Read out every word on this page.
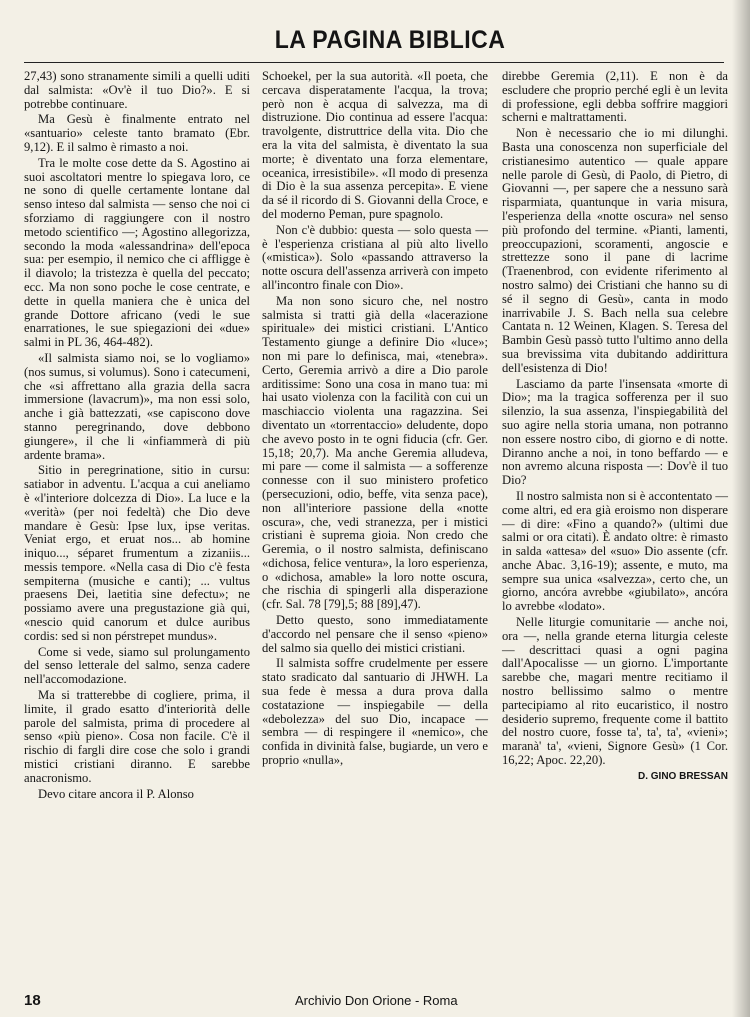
LA PAGINA BIBLICA

27,43) sono stranamente simili a quelli uditi dal salmista: «Ov'è il tuo Dio?». E si potrebbe continuare.

Ma Gesù è finalmente entrato nel «santuario» celeste tanto bramato (Ebr. 9,12). E il salmo è rimasto a noi.

Tra le molte cose dette da S. Agostino ai suoi ascoltatori mentre lo spiegava loro, ce ne sono di quelle certamente lontane dal senso inteso dal salmista — senso che noi ci sforziamo di raggiungere con il nostro metodo scientifico —; Agostino allegorizza, secondo la moda «alessandrina» dell'epoca sua: per esempio, il nemico che ci affligge è il diavolo; la tristezza è quella del peccato; ecc. Ma non sono poche le cose centrate, e dette in quella maniera che è unica del grande Dottore africano (vedi le sue enarrationes, le sue spiegazioni dei «due» salmi in PL 36, 464-482).

«Il salmista siamo noi, se lo vogliamo» (nos sumus, si volumus). Sono i catecumeni, che «si affrettano alla grazia della sacra immersione (lavacrum)», ma non essi solo, anche i già battezzati, «se capiscono dove stanno peregrinando, dove debbono giungere», il che li «infiammerà di più ardente brama».

Sitio in peregrinatione, sitio in cursu: satiabor in adventu. L'acqua a cui aneliamo è «l'interiore dolcezza di Dio». La luce e la «verità» (per noi fedeltà) che Dio deve mandare è Gesù: Ipse lux, ipse veritas. Veniat ergo, et eruat nos... ab homine iniquo..., séparet frumentum a zizaniis... messis tempore. «Nella casa di Dio c'è festa sempiterna (musiche e canti); ... vultus praesens Dei, laetitia sine defectu»; ne possiamo avere una pregustazione già qui, «nescio quid canorum et dulce auribus cordis: sed si non pérstrepet mundus».

Come si vede, siamo sul prolungamento del senso letterale del salmo, senza cadere nell'accomodazione.

Ma si tratterebbe di cogliere, prima, il limite, il grado esatto d'interiorità delle parole del salmista, prima di procedere al senso «più pieno». Cosa non facile. C'è il rischio di fargli dire cose che solo i grandi mistici cristiani diranno. E sarebbe anacronismo.

Devo citare ancora il P. Alonso

Schoekel, per la sua autorità. «Il poeta, che cercava disperatamente l'acqua, la trova; però non è acqua di salvezza, ma di distruzione. Dio continua ad essere l'acqua: travolgente, distruttrice della vita. Dio che era la vita del salmista, è diventato la sua morte; è diventato una forza elementare, oceanica, irresistibile». «Il modo di presenza di Dio è la sua assenza percepita». E viene da sé il ricordo di S. Giovanni della Croce, e del moderno Peman, pure spagnolo.

Non c'è dubbio: questa — solo questa — è l'esperienza cristiana al più alto livello («mistica»). Solo «passando attraverso la notte oscura dell'assenza arriverà con impeto all'incontro finale con Dio».

Ma non sono sicuro che, nel nostro salmista si tratti già della «lacerazione spirituale» dei mistici cristiani. L'Antico Testamento giunge a definire Dio «luce»; non mi pare lo definisca, mai, «tenebra». Certo, Geremia arrivò a dire a Dio parole arditissime: Sono una cosa in mano tua: mi hai usato violenza con la facilità con cui un maschiaccio violenta una ragazzina. Sei diventato un «torrentaccio» deludente, dopo che avevo posto in te ogni fiducia (cfr. Ger. 15,18; 20,7). Ma anche Geremia alludeva, mi pare — come il salmista — a sofferenze connesse con il suo ministero profetico (persecuzioni, odio, beffe, vita senza pace), non all'interiore passione della «notte oscura», che, vedi stranezza, per i mistici cristiani è suprema gioia. Non credo che Geremia, o il nostro salmista, definiscano «dichosa, felice ventura», la loro esperienza, o «dichosa, amable» la loro notte oscura, che rischia di spingerli alla disperazione (cfr. Sal. 78 [79],5; 88 [89],47).

Detto questo, sono immediatamente d'accordo nel pensare che il senso «pieno» del salmo sia quello dei mistici cristiani.

Il salmista soffre crudelmente per essere stato sradicato dal santuario di JHWH. La sua fede è messa a dura prova dalla costatazione — inspiegabile — della «debolezza» del suo Dio, incapace — sembra — di respingere il «nemico», che confida in divinità false, bugiarde, un vero e proprio «nulla»,

direbbe Geremia (2,11). E non è da escludere che proprio perché egli è un levita di professione, egli debba soffrire maggiori scherni e maltrattamenti.

Non è necessario che io mi dilunghi. Basta una conoscenza non superficiale del cristianesimo autentico — quale appare nelle parole di Gesù, di Paolo, di Pietro, di Giovanni —, per sapere che a nessuno sarà risparmiata, quantunque in varia misura, l'esperienza della «notte oscura» nel senso più profondo del termine. «Pianti, lamenti, preoccupazioni, scoramenti, angoscie e strettezze sono il pane di lacrime (Traenenbrod, con evidente riferimento al nostro salmo) dei Cristiani che hanno su di sé il segno di Gesù», canta in modo inarrivabile J. S. Bach nella sua celebre Cantata n. 12 Weinen, Klagen. S. Teresa del Bambin Gesù passò tutto l'ultimo anno della sua brevissima vita dubitando addirittura dell'esistenza di Dio!

Lasciamo da parte l'insensata «morte di Dio»; ma la tragica sofferenza per il suo silenzio, la sua assenza, l'inspiegabilità del suo agire nella storia umana, non potranno non essere nostro cibo, di giorno e di notte. Diranno anche a noi, in tono beffardo — e non avremo alcuna risposta —: Dov'è il tuo Dio?

Il nostro salmista non si è accontentato — come altri, ed era già eroismo non disperare — di dire: «Fino a quando?» (ultimi due salmi or ora citati). È andato oltre: è rimasto in salda «attesa» del «suo» Dio assente (cfr. anche Abac. 3,16-19); assente, e muto, ma sempre sua unica «salvezza», certo che, un giorno, ancóra avrebbe «giubilato», ancóra lo avrebbe «lodato».

Nelle liturgie comunitarie — anche noi, ora —, nella grande eterna liturgia celeste — descrittaci quasi a ogni pagina dall'Apocalisse — un giorno. L'importante sarebbe che, magari mentre recitiamo il nostro bellissimo salmo o mentre partecipiamo al rito eucaristico, il nostro desiderio supremo, frequente come il battito del nostro cuore, fosse ta', ta', ta', «vieni»; maranà' ta', «vieni, Signore Gesù» (1 Cor. 16,22; Apoc. 22,20).

D. GINO BRESSAN
18	Archivio Don Orione - Roma
